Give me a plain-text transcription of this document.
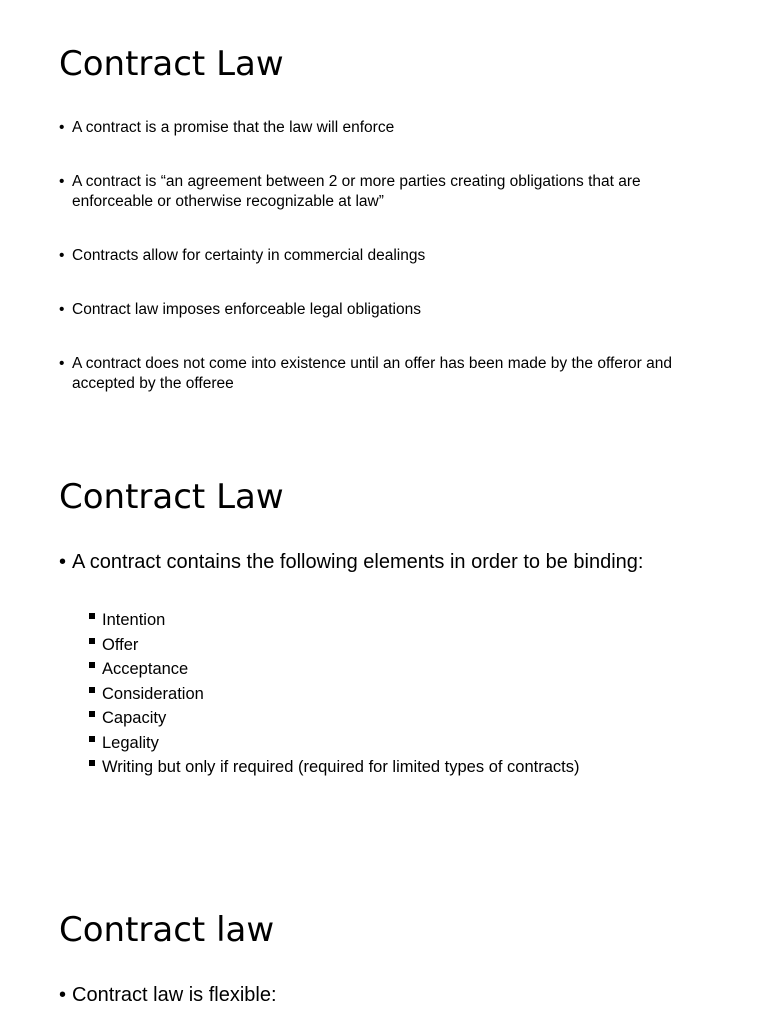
Contract Law
• A contract is a promise that the law will enforce
• A contract is “an agreement between 2 or more parties creating obligations that are enforceable or otherwise recognizable at law”
• Contracts allow for certainty in commercial dealings
• Contract law imposes enforceable legal obligations
• A contract does not come into existence until an offer has been made by the offeror and accepted by the offeree
Contract Law
• A contract contains the following elements in order to be binding:
Intention
Offer
Acceptance
Consideration
Capacity
Legality
Writing but only if required (required for limited types of contracts)
Contract law
• Contract law is flexible:
